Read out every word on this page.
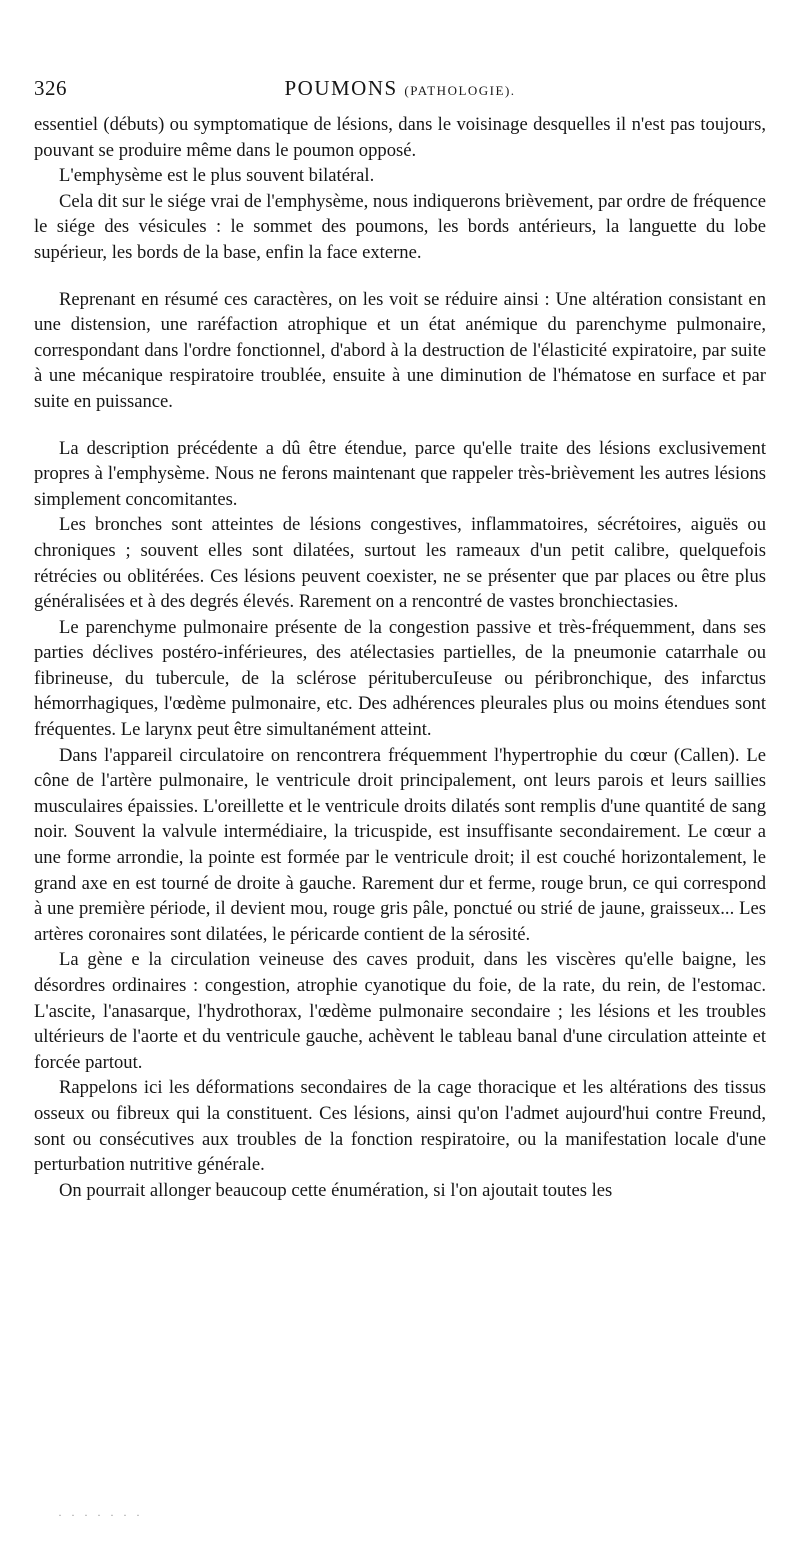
326	POUMONS (PATHOLOGIE).

essentiel (débuts) ou symptomatique de lésions, dans le voisinage desquelles il n'est pas toujours, pouvant se produire même dans le poumon opposé.

L'emphysème est le plus souvent bilatéral.

Cela dit sur le siége vrai de l'emphysème, nous indiquerons brièvement, par ordre de fréquence le siége des vésicules : le sommet des poumons, les bords antérieurs, la languette du lobe supérieur, les bords de la base, enfin la face externe.

Reprenant en résumé ces caractères, on les voit se réduire ainsi : Une altération consistant en une distension, une raréfaction atrophique et un état anémique du parenchyme pulmonaire, correspondant dans l'ordre fonctionnel, d'abord à la destruction de l'élasticité expiratoire, par suite à une mécanique respiratoire troublée, ensuite à une diminution de l'hématose en surface et par suite en puissance.

La description précédente a dû être étendue, parce qu'elle traite des lésions exclusivement propres à l'emphysème. Nous ne ferons maintenant que rappeler très-brièvement les autres lésions simplement concomitantes.

Les bronches sont atteintes de lésions congestives, inflammatoires, sécrétoires, aiguës ou chroniques ; souvent elles sont dilatées, surtout les rameaux d'un petit calibre, quelquefois rétrécies ou oblitérées. Ces lésions peuvent coexister, ne se présenter que par places ou être plus généralisées et à des degrés élevés. Rarement on a rencontré de vastes bronchiectasies.

Le parenchyme pulmonaire présente de la congestion passive et très-fréquemment, dans ses parties déclives postéro-inférieures, des atélectasies partielles, de la pneumonie catarrhale ou fibrineuse, du tubercule, de la sclérose péritubercuIeuse ou péribronchique, des infarctus hémorrhagiques, l'œdème pulmonaire, etc. Des adhérences pleurales plus ou moins étendues sont fréquentes. Le larynx peut être simultanément atteint.

Dans l'appareil circulatoire on rencontrera fréquemment l'hypertrophie du cœur (Callen). Le cône de l'artère pulmonaire, le ventricule droit principalement, ont leurs parois et leurs saillies musculaires épaissies. L'oreillette et le ventricule droits dilatés sont remplis d'une quantité de sang noir. Souvent la valvule intermédiaire, la tricuspide, est insuffisante secondairement. Le cœur a une forme arrondie, la pointe est formée par le ventricule droit; il est couché horizontalement, le grand axe en est tourné de droite à gauche. Rarement dur et ferme, rouge brun, ce qui correspond à une première période, il devient mou, rouge gris pâle, ponctué ou strié de jaune, graisseux... Les artères coronaires sont dilatées, le péricarde contient de la sérosité.

La gène e la circulation veineuse des caves produit, dans les viscères qu'elle baigne, les désordres ordinaires : congestion, atrophie cyanotique du foie, de la rate, du rein, de l'estomac. L'ascite, l'anasarque, l'hydrothorax, l'œdème pulmonaire secondaire ; les lésions et les troubles ultérieurs de l'aorte et du ventricule gauche, achèvent le tableau banal d'une circulation atteinte et forcée partout.

Rappelons ici les déformations secondaires de la cage thoracique et les altérations des tissus osseux ou fibreux qui la constituent. Ces lésions, ainsi qu'on l'admet aujourd'hui contre Freund, sont ou consécutives aux troubles de la fonction respiratoire, ou la manifestation locale d'une perturbation nutritive générale.

On pourrait allonger beaucoup cette énumération, si l'on ajoutait toutes les

· · · · · · ·
